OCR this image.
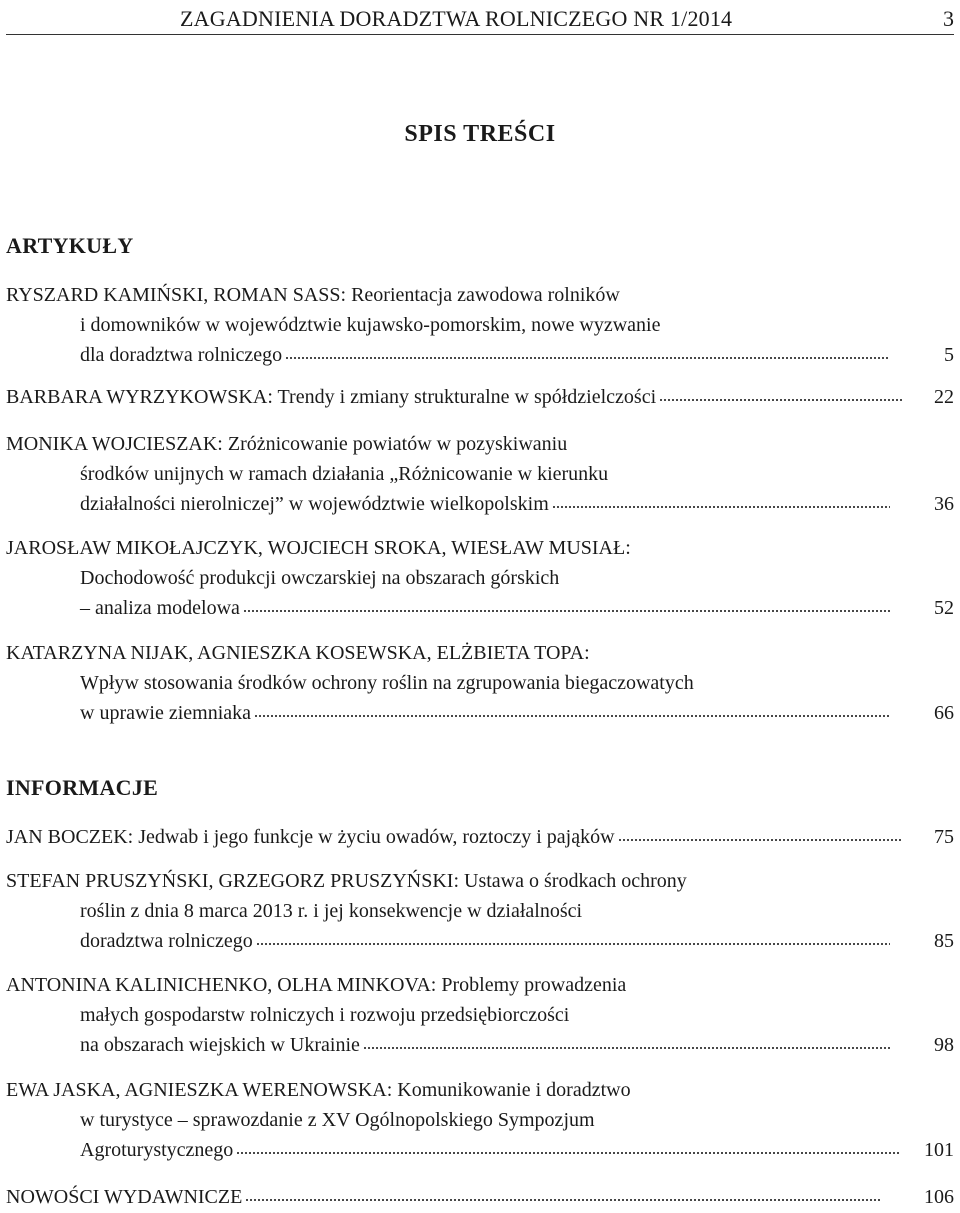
ZAGADNIENIA DORADZTWA ROLNICZEGO NR 1/2014	3
SPIS TREŚCI
ARTYKUŁY
RYSZARD KAMIŃSKI, ROMAN SASS: Reorientacja zawodowa rolników
i domowników w województwie kujawsko-pomorskim, nowe wyzwanie
dla doradztwa rolniczego	5
BARBARA WYRZYKOWSKA: Trendy i zmiany strukturalne w spółdzielczości	22
MONIKA WOJCIESZAK: Zróżnicowanie powiatów w pozyskiwaniu
środków unijnych w ramach działania „Różnicowanie w kierunku
działalności nierolniczej” w województwie wielkopolskim	36
JAROSŁAW MIKOŁAJCZYK, WOJCIECH SROKA, WIESŁAW MUSIAŁ:
Dochodowość produkcji owczarskiej na obszarach górskich
– analiza modelowa	52
KATARZYNA NIJAK, AGNIESZKA KOSEWSKA, ELŻBIETA TOPA:
Wpływ stosowania środków ochrony roślin na zgrupowania biegaczowatych
w uprawie ziemniaka	66
INFORMACJE
JAN BOCZEK: Jedwab i jego funkcje w życiu owadów, roztoczy i pająków	75
STEFAN PRUSZYŃSKI, GRZEGORZ PRUSZYŃSKI: Ustawa o środkach ochrony
roślin z dnia 8 marca 2013 r. i jej konsekwencje w działalności
doradztwa rolniczego	85
ANTONINA KALINICHENKO, OLHA MINKOVA: Problemy prowadzenia
małych gospodarstw rolniczych i rozwoju przedsiębiorczości
na obszarach wiejskich w Ukrainie	98
EWA JASKA, AGNIESZKA WERENOWSKA: Komunikowanie i doradztwo
w turystyce – sprawozdanie z XV Ogólnopolskiego Sympozjum
Agroturystycznego	101
NOWOŚCI WYDAWNICZE	106
